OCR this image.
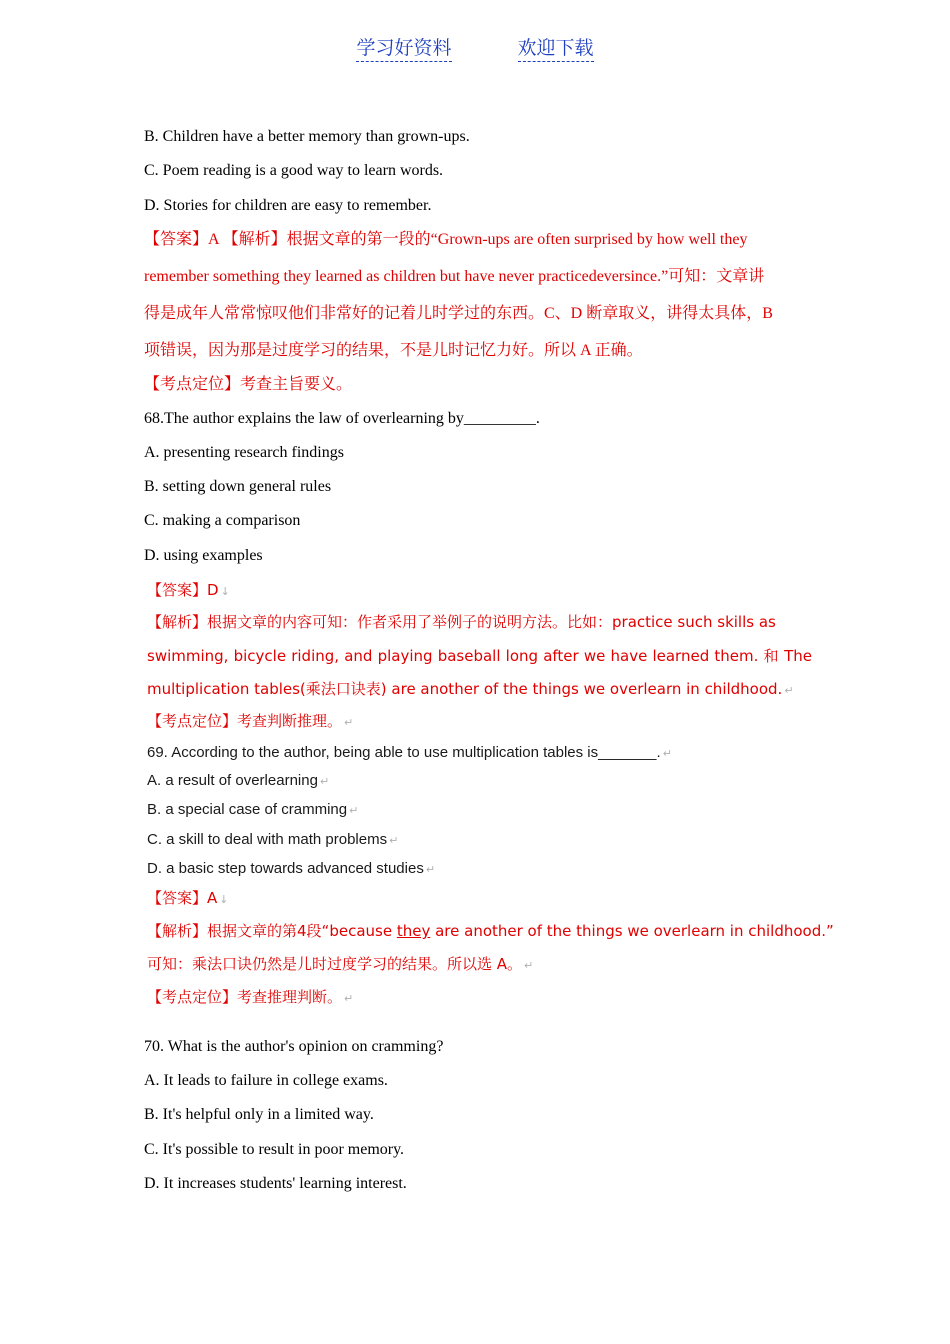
学习好资料	欢迎下载
B. Children have a better memory than grown-ups.
C. Poem reading is a good way to learn words.
D. Stories for children are easy to remember.
【答案】A 【解析】根据文章的第一段的“Grown-ups are often surprised by how well they
remember something they learned as children but have never practicedeversince.”可知：文章讲
得是成年人常常惊叹他们非常好的记着儿时学过的东西。C、D 断章取义，讲得太具体，B
项错误，因为那是过度学习的结果，不是儿时记忆力好。所以 A 正确。
【考点定位】考查主旨要义。
68.The author explains the law of overlearning by_________.
A. presenting research findings
B. setting down general rules
C. making a comparison
D. using examples
【答案】D ↓
【解析】根据文章的内容可知：作者采用了举例子的说明方法。比如：practice such skills as
swimming, bicycle riding, and playing baseball long after we have learned them. 和 The
multiplication tables(乘法口诀表) are another of the things we overlearn in childhood. ↵
【考点定位】考查判断推理。 ↵
69. According to the author, being able to use multiplication tables is_______. ↵
A. a result of overlearning ↵
B. a special case of cramming ↵
C. a skill to deal with math problems ↵
D. a basic step towards advanced studies ↵
【答案】A ↓
【解析】根据文章的第4段“because they are another of the things we overlearn in childhood.”
可知：乘法口诀仍然是儿时过度学习的结果。所以选 A。 ↵
【考点定位】考查推理判断。 ↵
70. What is the author's opinion on cramming?
A. It leads to failure in college exams.
B. It's helpful only in a limited way.
C. It's possible to result in poor memory.
D. It increases students' learning interest.
